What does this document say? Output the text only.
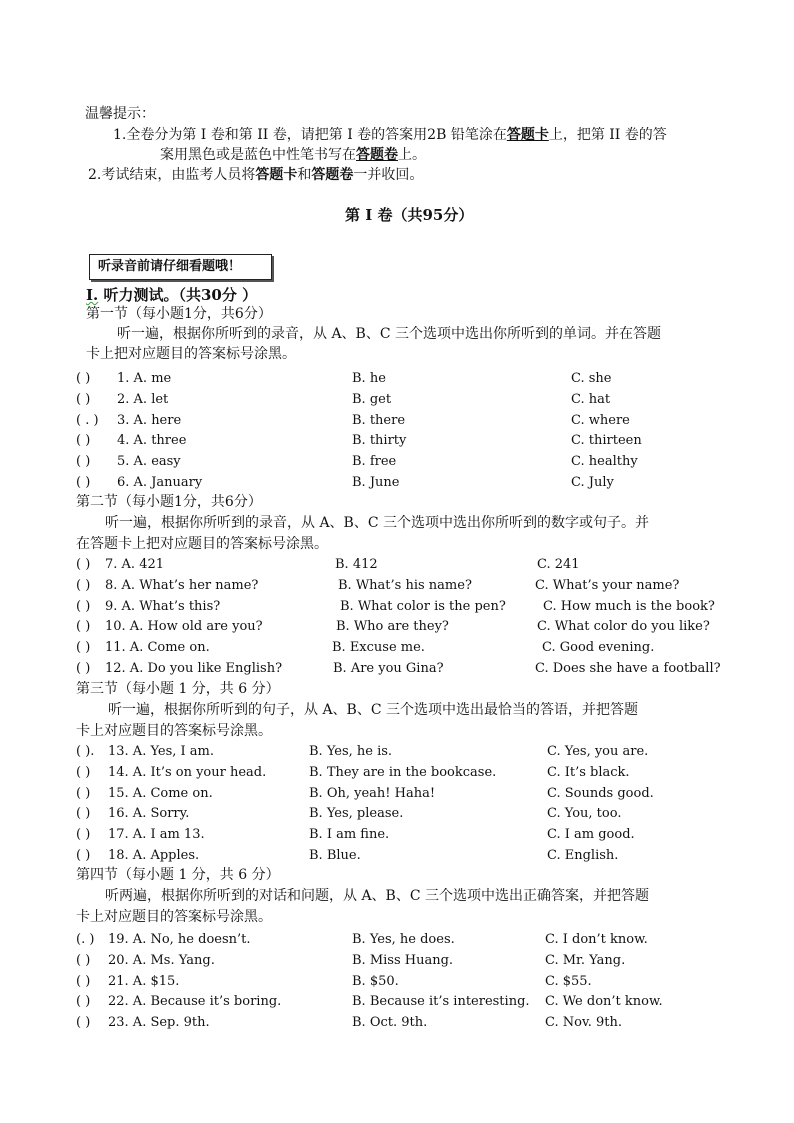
温馨提示：
1.全卷分为第 I 卷和第 II 卷，请把第 I 卷的答案用2B 铅笔涂在答题卡上，把第 II 卷的答
案用黑色或是蓝色中性笔书写在答题卷上。
2.考试结束，由监考人员将答题卡和答题卷一并收回。
第 I 卷（共95分）
听录音前请仔细看题哦！
I. 听力测试。（共30分 ）
第一节（每小题1分，共6分）
听一遍，根据你所听到的录音，从 A、B、C 三个选项中选出你所听到的单词。并在答题
卡上把对应题目的答案标号涂黑。
( ) 1. A. me	B. he	C. she
( ) 2. A. let	B. get	C. hat
( . ) 3. A. here	B. there	C. where
( ) 4. A. three	B. thirty	C. thirteen
( ) 5. A. easy	B. free	C. healthy
( ) 6. A. January	B. June	C. July
第二节（每小题1分，共6分）
听一遍，根据你所听到的录音，从 A、B、C 三个选项中选出你所听到的数字或句子。并
在答题卡上把对应题目的答案标号涂黑。
( ) 7. A. 421	B. 412	C. 241
( ) 8. A. What’s her name?	B. What’s his name?	C. What’s your name?
( ) 9. A. What’s this?	B. What color is the pen?	C. How much is the book?
( ) 10. A. How old are you?	B. Who are they?	C. What color do you like?
( ) 11. A. Come on.	B. Excuse me.	C. Good evening.
( ) 12. A. Do you like English?	B. Are you Gina?	C. Does she have a football?
第三节（每小题 1 分，共 6 分）
听一遍，根据你所听到的句子，从 A、B、C 三个选项中选出最恰当的答语，并把答题
卡上对应题目的答案标号涂黑。
( ). 13. A. Yes, I am.	B. Yes, he is.	C. Yes, you are.
( ) 14. A. It’s on your head.	B. They are in the bookcase.	C. It’s black.
( ) 15. A. Come on.	B. Oh, yeah! Haha!	C. Sounds good.
( ) 16. A. Sorry.	B. Yes, please.	C. You, too.
( ) 17. A. I am 13.	B. I am fine.	C. I am good.
( ) 18. A. Apples.	B. Blue.	C. English.
第四节（每小题 1 分，共 6 分）
听两遍，根据你所听到的对话和问题，从 A、B、C 三个选项中选出正确答案，并把答题
卡上对应题目的答案标号涂黑。
(. ) 19. A. No, he doesn’t.	B. Yes, he does.	C. I don’t know.
( ) 20. A. Ms. Yang.	B. Miss Huang.	C. Mr. Yang.
( ) 21. A. $15.	B. $50.	C. $55.
( ) 22. A. Because it’s boring.	B. Because it’s interesting. C. We don’t know.
( ) 23. A. Sep. 9th.	B. Oct. 9th.	C. Nov. 9th.
